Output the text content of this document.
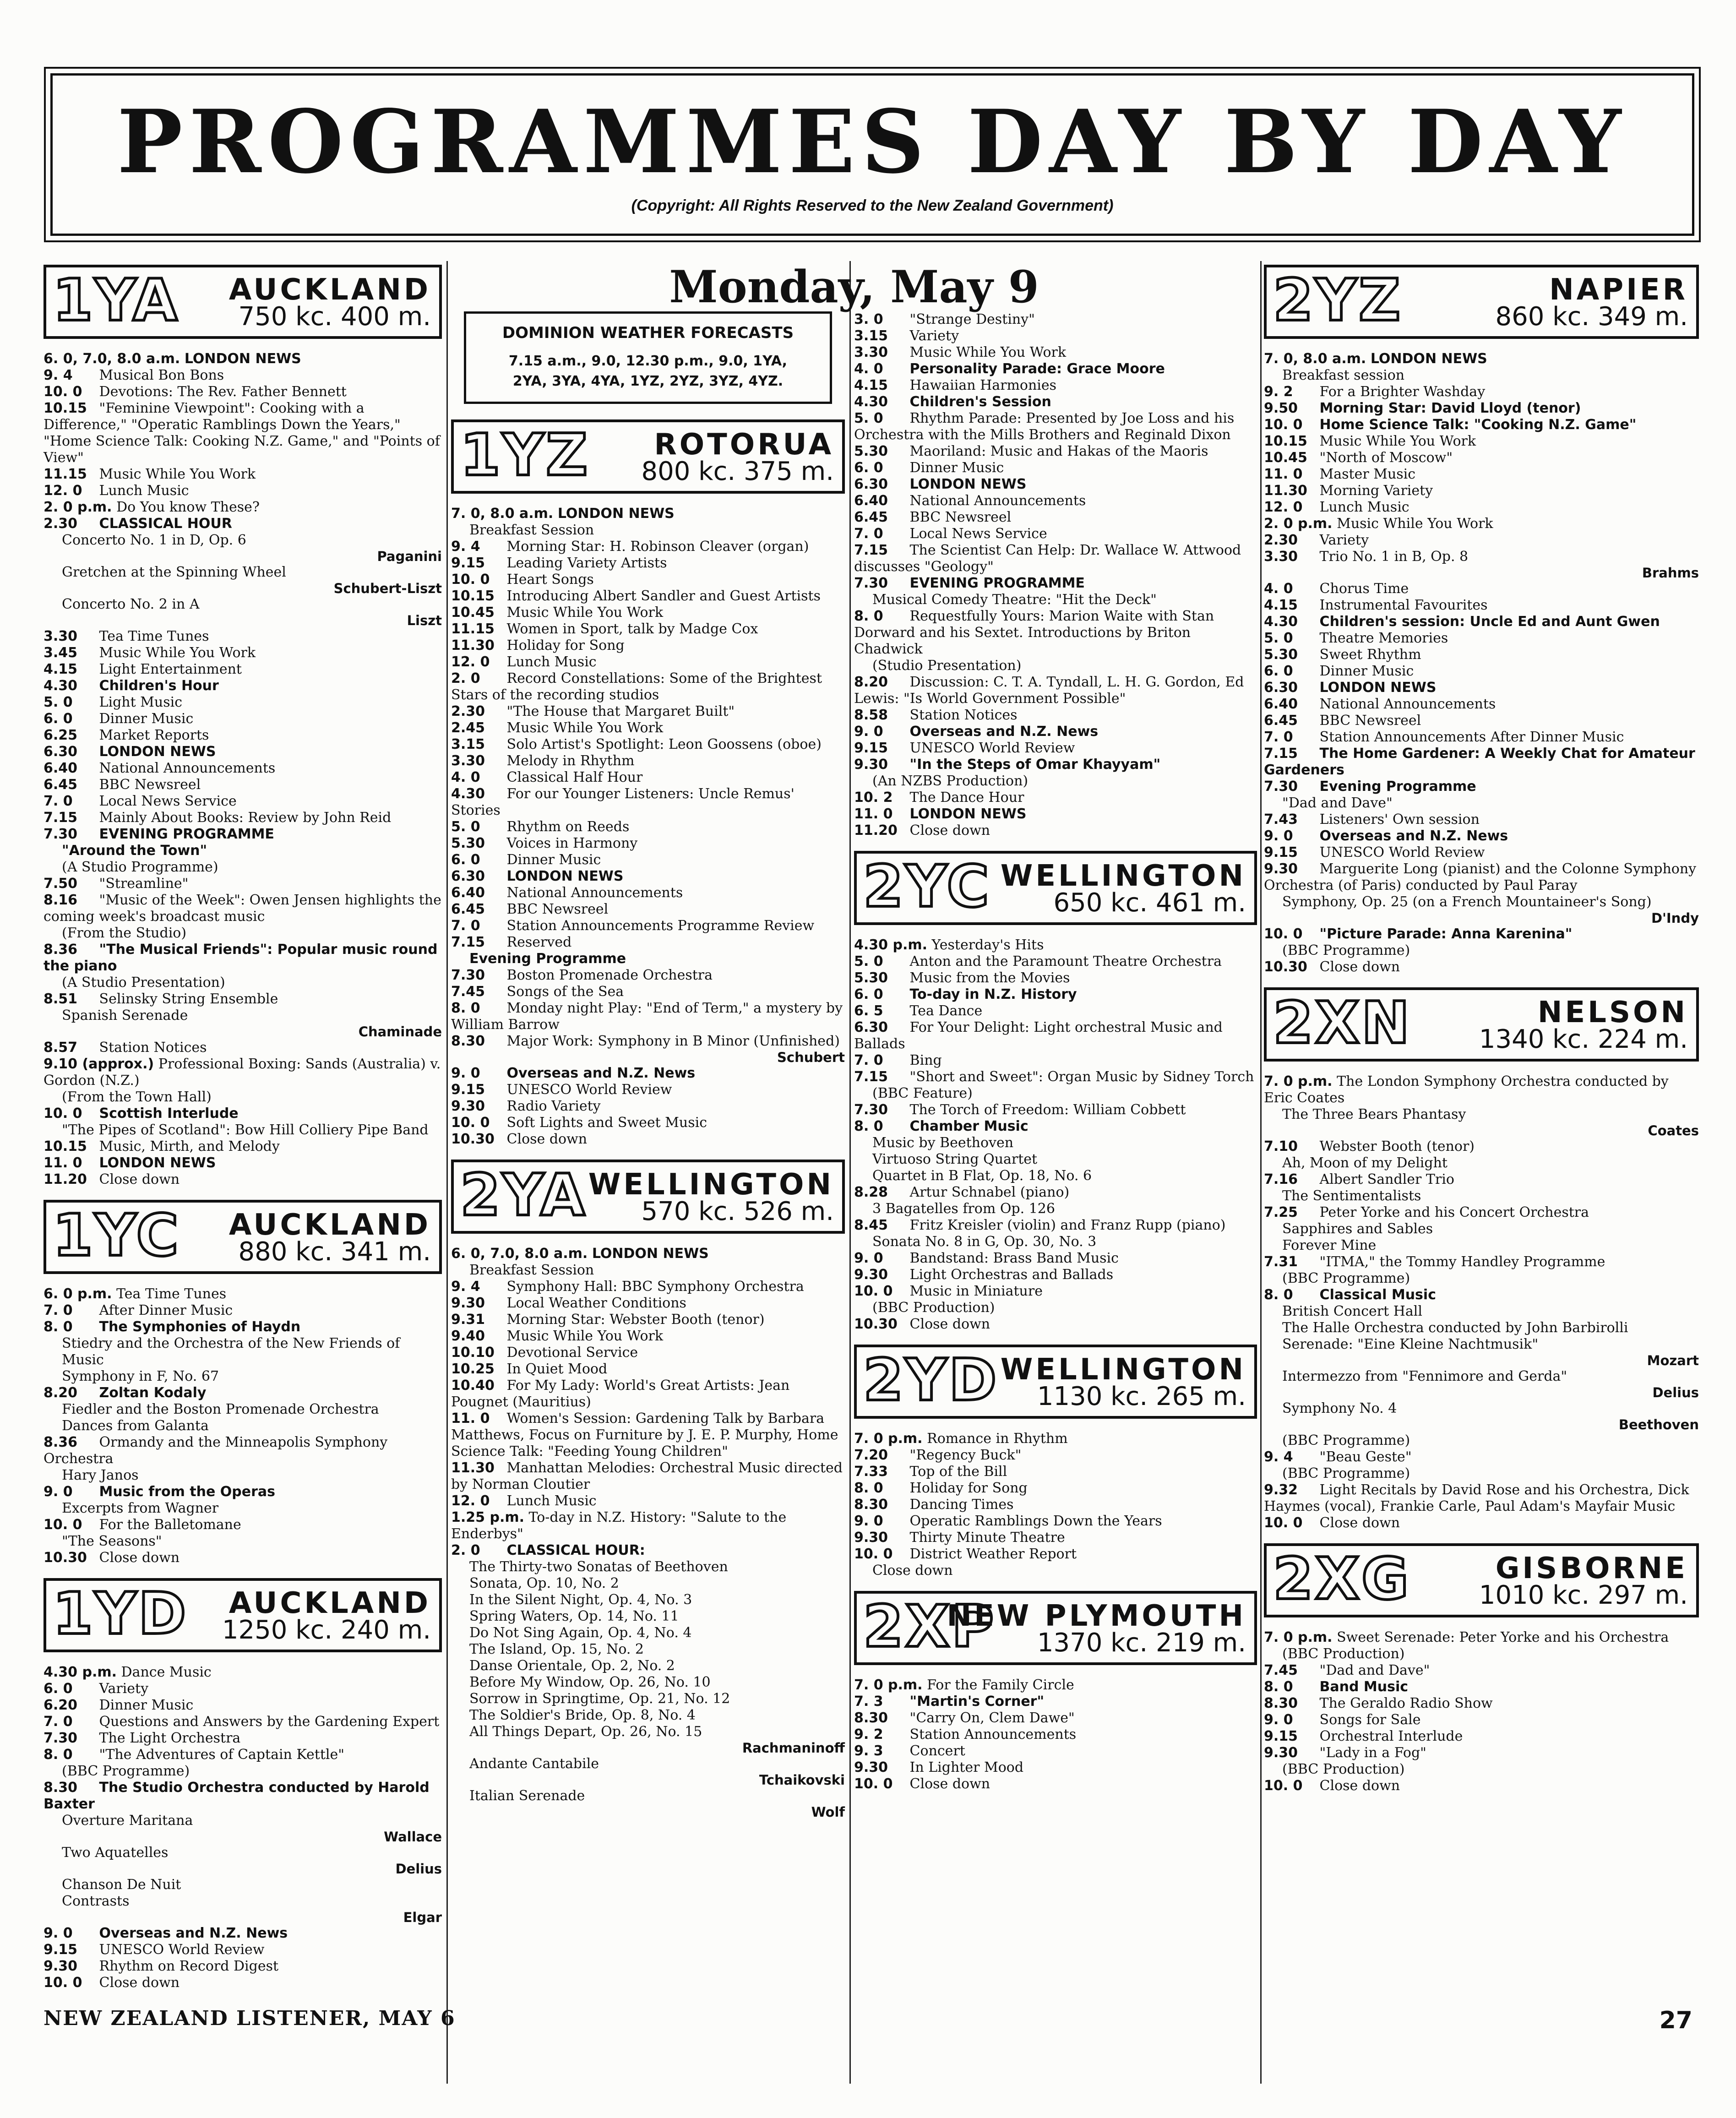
PROGRAMMES DAY BY DAY
(Copyright: All Rights Reserved to the New Zealand Government)
Monday, May 9
1YA AUCKLAND
750 kc. 400 m.

6. 0, 7.0, 8.0 a.m. LONDON NEWS

9. 4 Musical Bon Bons

10. 0 Devotions: The Rev. Father Bennett

10.15 "Feminine Viewpoint": Cooking with a Difference," "Operatic Ramblings Down the Years," "Home Science Talk: Cooking N.Z. Game," and "Points of View"

11.15 Music While You Work

12. 0 Lunch Music

2. 0 p.m. Do You know These?

2.30 CLASSICAL HOUR

Concerto No. 1 in D, Op. 6

Paganini

Gretchen at the Spinning Wheel

Schubert-Liszt

Concerto No. 2 in A

Liszt

3.30 Tea Time Tunes

3.45 Music While You Work

4.15 Light Entertainment

4.30 Children's Hour

5. 0 Light Music

6. 0 Dinner Music

6.25 Market Reports

6.30 LONDON NEWS

6.40 National Announcements

6.45 BBC Newsreel

7. 0 Local News Service

7.15 Mainly About Books: Review by John Reid

7.30 EVENING PROGRAMME

"Around the Town"

(A Studio Programme)

7.50 "Streamline"

8.16 "Music of the Week": Owen Jensen highlights the coming week's broadcast music

(From the Studio)

8.36 "The Musical Friends": Popular music round the piano

(A Studio Presentation)

8.51 Selinsky String Ensemble

Spanish Serenade

Chaminade

8.57 Station Notices

9.10 (approx.) Professional Boxing: Sands (Australia) v. Gordon (N.Z.)

(From the Town Hall)

10. 0 Scottish Interlude

"The Pipes of Scotland": Bow Hill Colliery Pipe Band

10.15 Music, Mirth, and Melody

11. 0 LONDON NEWS

11.20 Close down

1YC AUCKLAND
880 kc. 341 m.

6. 0 p.m. Tea Time Tunes

7. 0 After Dinner Music

8. 0 The Symphonies of Haydn

Stiedry and the Orchestra of the New Friends of Music

Symphony in F, No. 67

8.20 Zoltan Kodaly

Fiedler and the Boston Promenade Orchestra

Dances from Galanta

8.36 Ormandy and the Minneapolis Symphony Orchestra

Hary Janos

9. 0 Music from the Operas

Excerpts from Wagner

10. 0 For the Balletomane

"The Seasons"

10.30 Close down

1YD AUCKLAND
1250 kc. 240 m.

4.30 p.m. Dance Music

6. 0 Variety

6.20 Dinner Music

7. 0 Questions and Answers by the Gardening Expert

7.30 The Light Orchestra

8. 0 "The Adventures of Captain Kettle"

(BBC Programme)

8.30 The Studio Orchestra conducted by Harold Baxter

Overture Maritana

Wallace

Two Aquatelles

Delius

Chanson De Nuit

Contrasts

Elgar

9. 0 Overseas and N.Z. News

9.15 UNESCO World Review

9.30 Rhythm on Record Digest

10. 0 Close down

DOMINION WEATHER FORECASTS
7.15 a.m., 9.0, 12.30 p.m., 9.0, 1YA,
2YA, 3YA, 4YA, 1YZ, 2YZ, 3YZ, 4YZ.
1YZ ROTORUA
800 kc. 375 m.

7. 0, 8.0 a.m. LONDON NEWS

Breakfast Session

9. 4 Morning Star: H. Robinson Cleaver (organ)

9.15 Leading Variety Artists

10. 0 Heart Songs

10.15 Introducing Albert Sandler and Guest Artists

10.45 Music While You Work

11.15 Women in Sport, talk by Madge Cox

11.30 Holiday for Song

12. 0 Lunch Music

2. 0 Record Constellations: Some of the Brightest Stars of the recording studios

2.30 "The House that Margaret Built"

2.45 Music While You Work

3.15 Solo Artist's Spotlight: Leon Goossens (oboe)

3.30 Melody in Rhythm

4. 0 Classical Half Hour

4.30 For our Younger Listeners: Uncle Remus' Stories

5. 0 Rhythm on Reeds

5.30 Voices in Harmony

6. 0 Dinner Music

6.30 LONDON NEWS

6.40 National Announcements

6.45 BBC Newsreel

7. 0 Station Announcements Programme Review

7.15 Reserved

Evening Programme

7.30 Boston Promenade Orchestra

7.45 Songs of the Sea

8. 0 Monday night Play: "End of Term," a mystery by William Barrow

8.30 Major Work: Symphony in B Minor (Unfinished)

Schubert

9. 0 Overseas and N.Z. News

9.15 UNESCO World Review

9.30 Radio Variety

10. 0 Soft Lights and Sweet Music

10.30 Close down

2YA WELLINGTON
570 kc. 526 m.

6. 0, 7.0, 8.0 a.m. LONDON NEWS

Breakfast Session

9. 4 Symphony Hall: BBC Symphony Orchestra

9.30 Local Weather Conditions

9.31 Morning Star: Webster Booth (tenor)

9.40 Music While You Work

10.10 Devotional Service

10.25 In Quiet Mood

10.40 For My Lady: World's Great Artists: Jean Pougnet (Mauritius)

11. 0 Women's Session: Gardening Talk by Barbara Matthews, Focus on Furniture by J. E. P. Murphy, Home Science Talk: "Feeding Young Children"

11.30 Manhattan Melodies: Orchestral Music directed by Norman Cloutier

12. 0 Lunch Music

1.25 p.m. To-day in N.Z. History: "Salute to the Enderbys"

2. 0 CLASSICAL HOUR:

The Thirty-two Sonatas of Beethoven

Sonata, Op. 10, No. 2

In the Silent Night, Op. 4, No. 3

Spring Waters, Op. 14, No. 11

Do Not Sing Again, Op. 4, No. 4

The Island, Op. 15, No. 2

Danse Orientale, Op. 2, No. 2

Before My Window, Op. 26, No. 10

Sorrow in Springtime, Op. 21, No. 12

The Soldier's Bride, Op. 8, No. 4

All Things Depart, Op. 26, No. 15

Rachmaninoff

Andante Cantabile

Tchaikovski

Italian Serenade

Wolf

3. 0 "Strange Destiny"

3.15 Variety

3.30 Music While You Work

4. 0 Personality Parade: Grace Moore

4.15 Hawaiian Harmonies

4.30 Children's Session

5. 0 Rhythm Parade: Presented by Joe Loss and his Orchestra with the Mills Brothers and Reginald Dixon

5.30 Maoriland: Music and Hakas of the Maoris

6. 0 Dinner Music

6.30 LONDON NEWS

6.40 National Announcements

6.45 BBC Newsreel

7. 0 Local News Service

7.15 The Scientist Can Help: Dr. Wallace W. Attwood discusses "Geology"

7.30 EVENING PROGRAMME

Musical Comedy Theatre: "Hit the Deck"

8. 0 Requestfully Yours: Marion Waite with Stan Dorward and his Sextet. Introductions by Briton Chadwick

(Studio Presentation)

8.20 Discussion: C. T. A. Tyndall, L. H. G. Gordon, Ed Lewis: "Is World Government Possible"

8.58 Station Notices

9. 0 Overseas and N.Z. News

9.15 UNESCO World Review

9.30 "In the Steps of Omar Khayyam"

(An NZBS Production)

10. 2 The Dance Hour

11. 0 LONDON NEWS

11.20 Close down

2YC WELLINGTON
650 kc. 461 m.

4.30 p.m. Yesterday's Hits

5. 0 Anton and the Paramount Theatre Orchestra

5.30 Music from the Movies

6. 0 To-day in N.Z. History

6. 5 Tea Dance

6.30 For Your Delight: Light orchestral Music and Ballads

7. 0 Bing

7.15 "Short and Sweet": Organ Music by Sidney Torch

(BBC Feature)

7.30 The Torch of Freedom: William Cobbett

8. 0 Chamber Music

Music by Beethoven

Virtuoso String Quartet

Quartet in B Flat, Op. 18, No. 6

8.28 Artur Schnabel (piano)

3 Bagatelles from Op. 126

8.45 Fritz Kreisler (violin) and Franz Rupp (piano)

Sonata No. 8 in G, Op. 30, No. 3

9. 0 Bandstand: Brass Band Music

9.30 Light Orchestras and Ballads

10. 0 Music in Miniature

(BBC Production)

10.30 Close down

2YD WELLINGTON
1130 kc. 265 m.

7. 0 p.m. Romance in Rhythm

7.20 "Regency Buck"

7.33 Top of the Bill

8. 0 Holiday for Song

8.30 Dancing Times

9. 0 Operatic Ramblings Down the Years

9.30 Thirty Minute Theatre

10. 0 District Weather Report

Close down

2XP
NEW PLYMOUTH
1370 kc. 219 m.

7. 0 p.m. For the Family Circle

7. 3 "Martin's Corner"

8.30 "Carry On, Clem Dawe"

9. 2 Station Announcements

9. 3 Concert

9.30 In Lighter Mood

10. 0 Close down

2YZ	NAPIER
860 kc. 349 m.

7. 0, 8.0 a.m. LONDON NEWS

Breakfast session

9. 2 For a Brighter Washday

9.50 Morning Star: David Lloyd (tenor)

10. 0 Home Science Talk: "Cooking N.Z. Game"

10.15 Music While You Work

10.45 "North of Moscow"

11. 0 Master Music

11.30 Morning Variety

12. 0 Lunch Music

2. 0 p.m. Music While You Work

2.30 Variety

3.30 Trio No. 1 in B, Op. 8

Brahms

4. 0 Chorus Time

4.15 Instrumental Favourites

4.30 Children's session: Uncle Ed and Aunt Gwen

5. 0 Theatre Memories

5.30 Sweet Rhythm

6. 0 Dinner Music

6.30 LONDON NEWS

6.40 National Announcements

6.45 BBC Newsreel

7. 0 Station Announcements After Dinner Music

7.15 The Home Gardener: A Weekly Chat for Amateur Gardeners

7.30 Evening Programme

"Dad and Dave"

7.43 Listeners' Own session

9. 0 Overseas and N.Z. News

9.15 UNESCO World Review

9.30 Marguerite Long (pianist) and the Colonne Symphony Orchestra (of Paris) conducted by Paul Paray

Symphony, Op. 25 (on a French Mountaineer's Song)

D'Indy

10. 0 "Picture Parade: Anna Karenina"

(BBC Programme)

10.30 Close down

2XN	NELSON
1340 kc. 224 m.

7. 0 p.m. The London Symphony Orchestra conducted by Eric Coates

The Three Bears Phantasy

Coates

7.10 Webster Booth (tenor)

Ah, Moon of my Delight

7.16 Albert Sandler Trio

The Sentimentalists

7.25 Peter Yorke and his Concert Orchestra

Sapphires and Sables

Forever Mine

7.31 "ITMA," the Tommy Handley Programme

(BBC Programme)

8. 0 Classical Music

British Concert Hall

The Halle Orchestra conducted by John Barbirolli

Serenade: "Eine Kleine Nachtmusik"

Mozart

Intermezzo from "Fennimore and Gerda"

Delius

Symphony No. 4

Beethoven

(BBC Programme)

9. 4 "Beau Geste"

(BBC Programme)

9.32 Light Recitals by David Rose and his Orchestra, Dick Haymes (vocal), Frankie Carle, Paul Adam's Mayfair Music

10. 0 Close down

2XG	GISBORNE
1010 kc. 297 m.

7. 0 p.m. Sweet Serenade: Peter Yorke and his Orchestra

(BBC Production)

7.45 "Dad and Dave"

8. 0 Band Music

8.30 The Geraldo Radio Show

9. 0 Songs for Sale

9.15 Orchestral Interlude

9.30 "Lady in a Fog"

(BBC Production)

10. 0 Close down

NEW ZEALAND LISTENER, MAY 6	27
